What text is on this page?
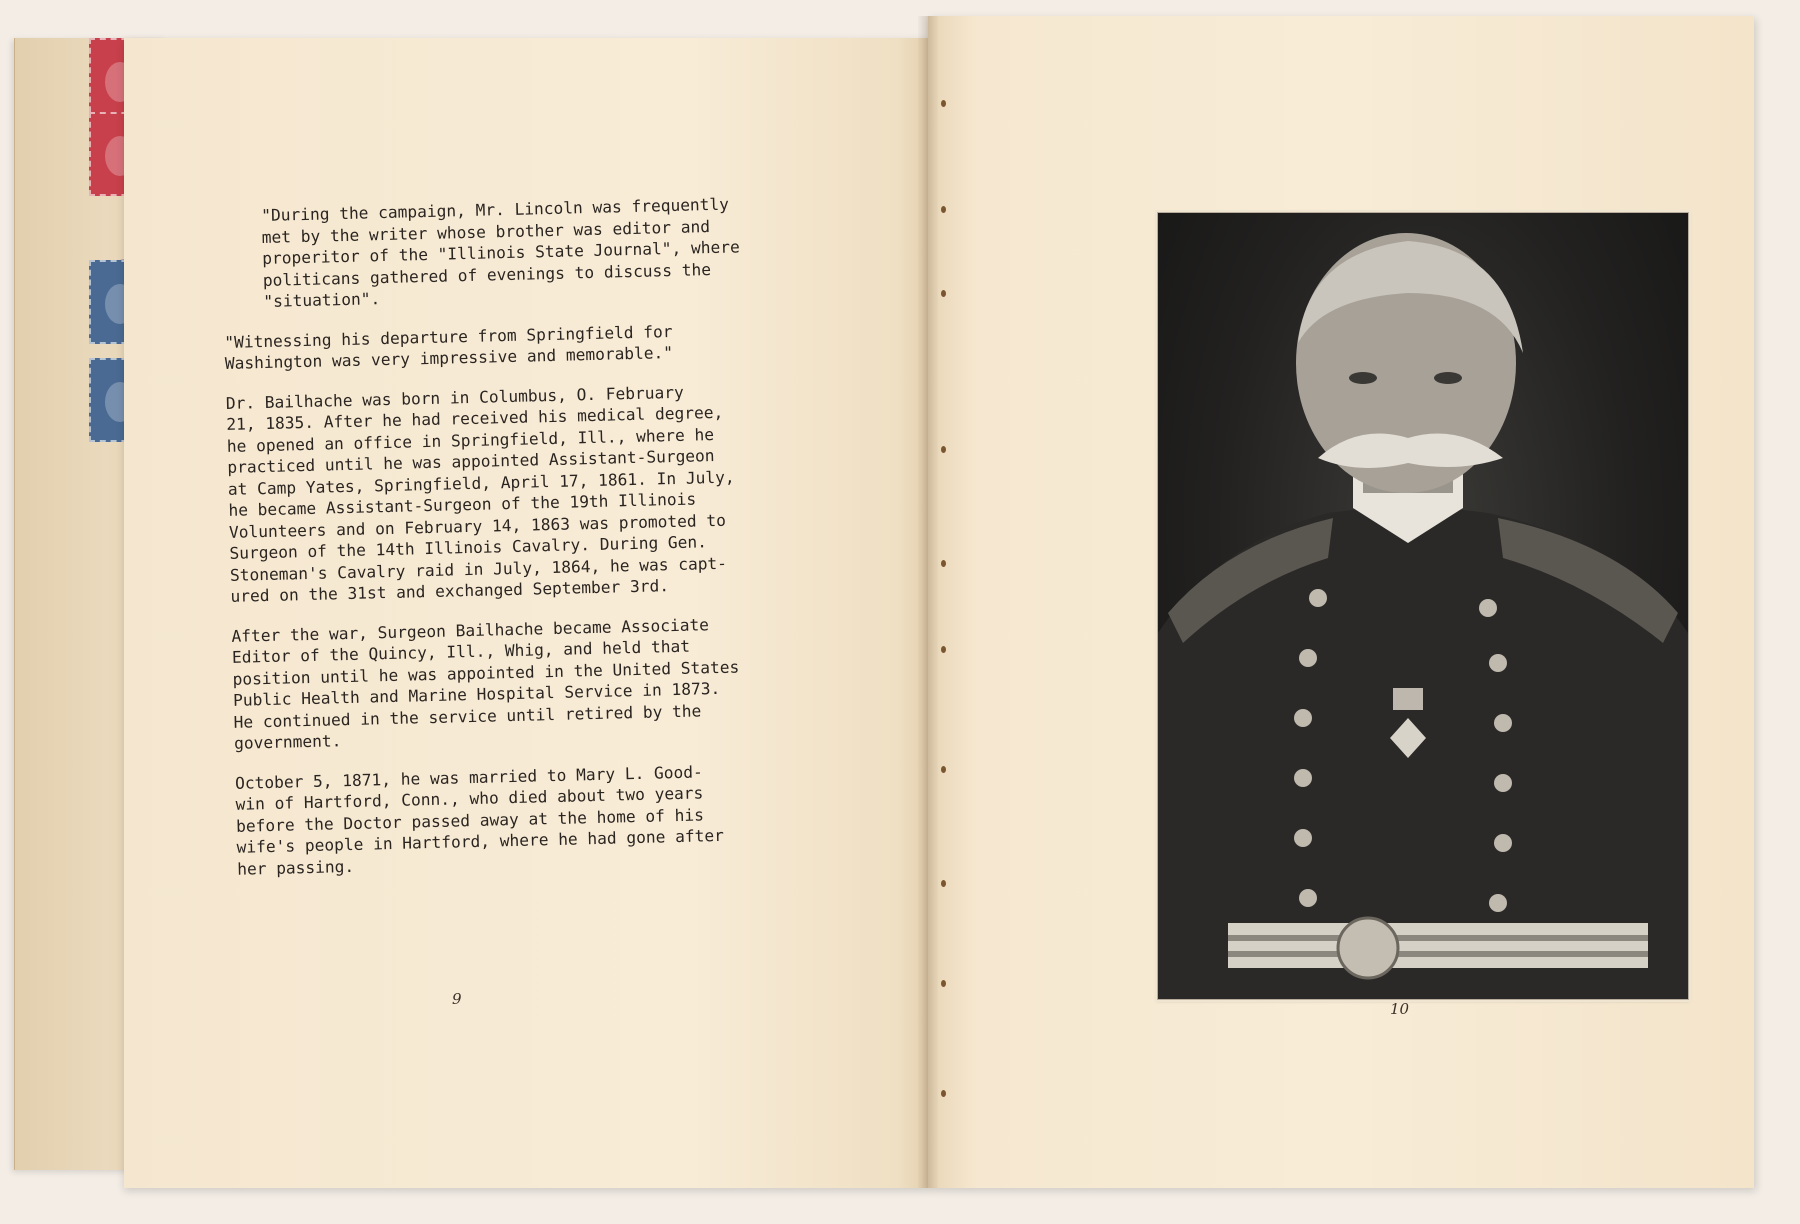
"During the campaign, Mr. Lincoln was frequently
met by the writer whose brother was editor and
properitor of the "Illinois State Journal", where
politicans gathered of evenings to discuss the
"situation".

"Witnessing his departure from Springfield for
Washington was very impressive and memorable."

Dr. Bailhache was born in Columbus, O. February
21, 1835. After he had received his medical degree,
he opened an office in Springfield, Ill., where he
practiced until he was appointed Assistant-Surgeon
at Camp Yates, Springfield, April 17, 1861. In July,
he became Assistant-Surgeon of the 19th Illinois
Volunteers and on February 14, 1863 was promoted to
Surgeon of the 14th Illinois Cavalry. During Gen.
Stoneman's Cavalry raid in July, 1864, he was capt-
ured on the 31st and exchanged September 3rd.

After the war, Surgeon Bailhache became Associate
Editor of the Quincy, Ill., Whig, and held that
position until he was appointed in the United States
Public Health and Marine Hospital Service in 1873.
He continued in the service until retired by the
government.

October 5, 1871, he was married to Mary L. Good-
win of Hartford, Conn., who died about two years
before the Doctor passed away at the home of his
wife's people in Hartford, where he had gone after
her passing.

9
10
